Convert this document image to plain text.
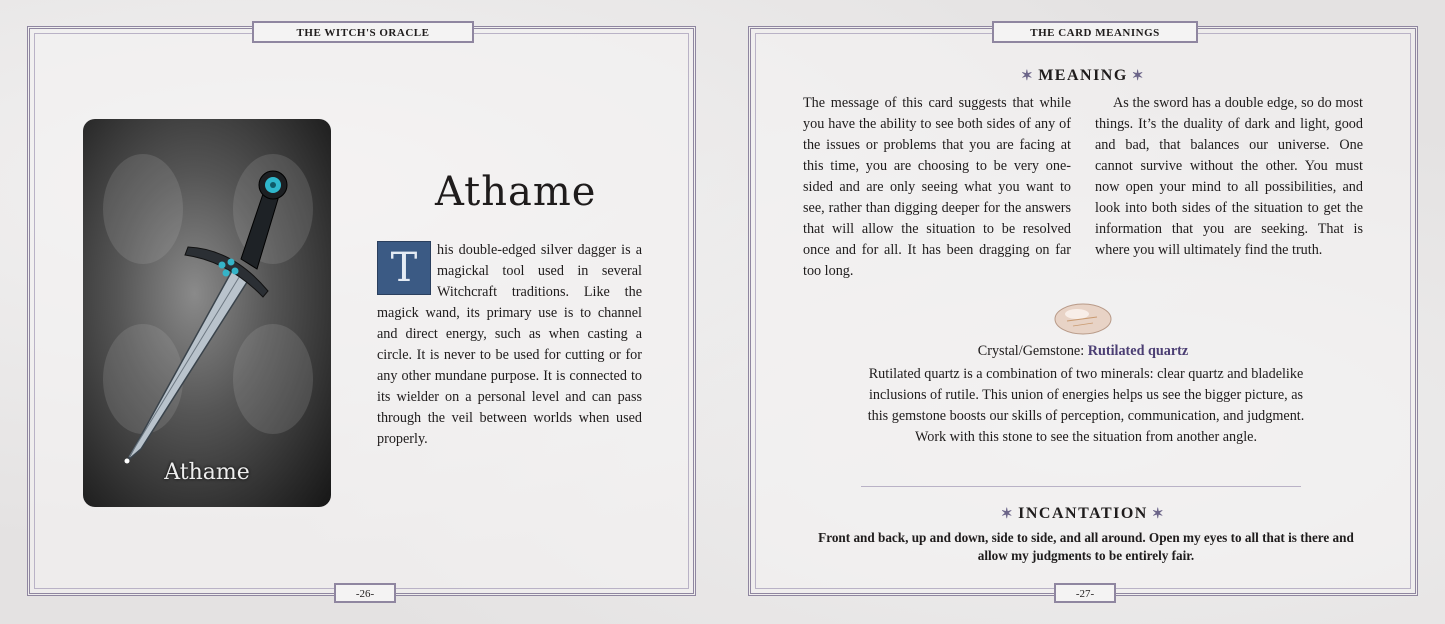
THE WITCH'S ORACLE
Athame
Athame
T	his double-edged silver dagger is a magickal tool used in several Witchcraft traditions. Like the magick wand, its primary use is to channel and direct energy, such as when casting a circle. It is never to be used for cutting or for any other mundane purpose. It is connected to its wielder on a personal level and can pass through the veil between worlds when used properly.
-26-
THE CARD MEANINGS
✶ MEANING ✶
The message of this card suggests that while you have the ability to see both sides of any of the issues or problems that you are facing at this time, you are choosing to be very one-sided and are only seeing what you want to see, rather than digging deeper for the answers that will allow the situation to be resolved once and for all. It has been dragging on far too long.
As the sword has a double edge, so do most things. It’s the duality of dark and light, good and bad, that balances our universe. One cannot survive without the other. You must now open your mind to all possibilities, and look into both sides of the situation to get the information that you are seeking. That is where you will ultimately find the truth.
Crystal/Gemstone: Rutilated quartz
Rutilated quartz is a combination of two minerals: clear quartz and bladelike inclusions of rutile. This union of energies helps us see the bigger picture, as this gemstone boosts our skills of perception, communication, and judgment. Work with this stone to see the situation from another angle.
✶ INCANTATION ✶
Front and back, up and down, side to side, and all around. Open my eyes to all that is there and allow my judgments to be entirely fair.
-27-
